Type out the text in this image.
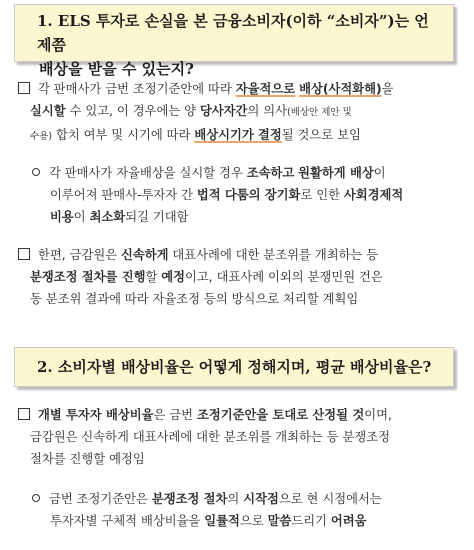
1. ELS 투자로 손실을 본 금융소비자(이하 “소비자”)는 언제쯤
배상을 받을 수 있는지?
각 판매사가 금번 조정기준안에 따라 자율적으로 배상(사적화해)을
실시할 수 있고, 이 경우에는 양 당사자간의 의사(배상안 제안 및
수용) 합치 여부 및 시기에 따라 배상시기가 결정될 것으로 보임
각 판매사가 자율배상을 실시할 경우 조속하고 원활하게 배상이
이루어져 판매사-투자자 간 법적 다툼의 장기화로 인한 사회경제적
비용이 최소화되길 기대함
한편, 금감원은 신속하게 대표사례에 대한 분조위를 개최하는 등
분쟁조정 절차를 진행할 예정이고, 대표사례 이외의 분쟁민원 건은
동 분조위 결과에 따라 자율조정 등의 방식으로 처리할 계획임
2. 소비자별 배상비율은 어떻게 정해지며, 평균 배상비율은?
개별 투자자 배상비율은 금번 조정기준안을 토대로 산정될 것이며,
금감원은 신속하게 대표사례에 대한 분조위를 개최하는 등 분쟁조정
절차를 진행할 예정임
금번 조정기준안은 분쟁조정 절차의 시작점으로 현 시점에서는
투자자별 구체적 배상비율을 일률적으로 말씀드리기 어려움
